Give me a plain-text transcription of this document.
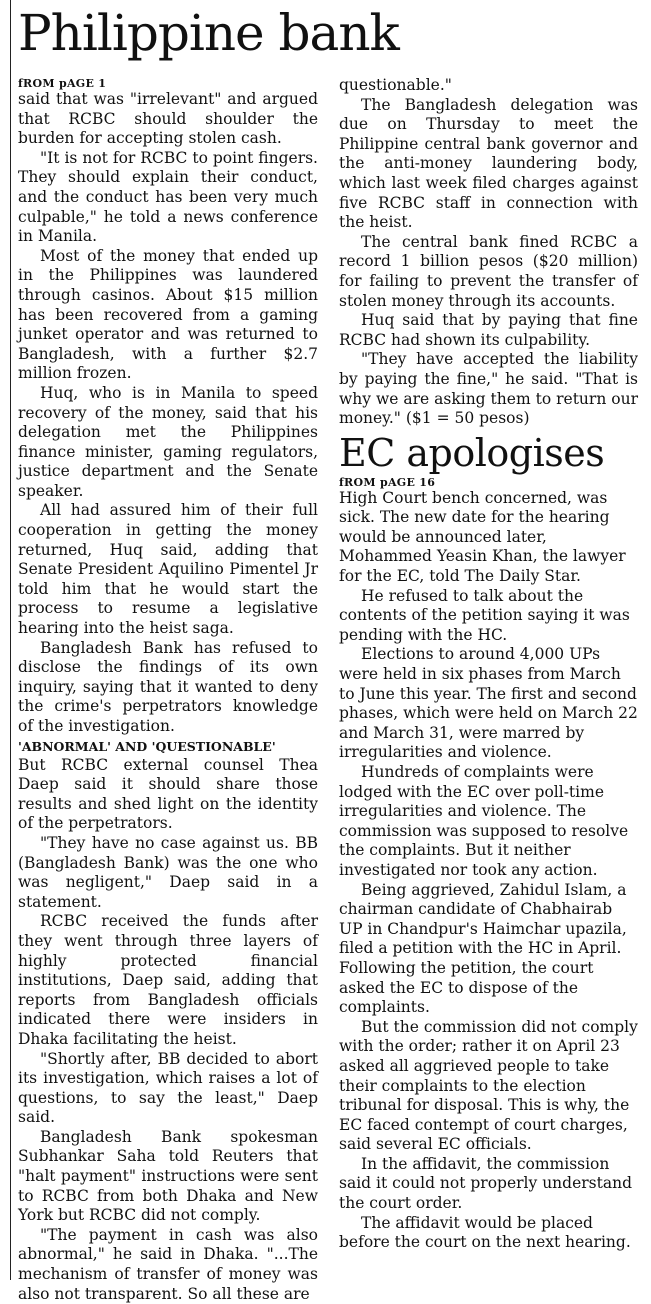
Philippine bank
fROM pAGE 1

said that was "irrelevant" and argued that RCBC should shoulder the burden for accepting stolen cash.

"It is not for RCBC to point fingers. They should explain their conduct, and the conduct has been very much culpable," he told a news conference in Manila.

Most of the money that ended up in the Philippines was laundered through casinos. About $15 million has been recovered from a gaming junket operator and was returned to Bangladesh, with a further $2.7 million frozen.

Huq, who is in Manila to speed recovery of the money, said that his delegation met the Philippines finance minister, gaming regulators, justice department and the Senate speaker.

All had assured him of their full cooperation in getting the money returned, Huq said, adding that Senate President Aquilino Pimentel Jr told him that he would start the process to resume a legislative hearing into the heist saga.

Bangladesh Bank has refused to disclose the findings of its own inquiry, saying that it wanted to deny the crime's perpetrators knowledge of the investigation.

'ABNORMAL' AND 'QUESTIONABLE'

But RCBC external counsel Thea Daep said it should share those results and shed light on the identity of the perpetrators.

"They have no case against us. BB (Bangladesh Bank) was the one who was negligent," Daep said in a statement.

RCBC received the funds after they went through three layers of highly protected financial institutions, Daep said, adding that reports from Bangladesh officials indicated there were insiders in Dhaka facilitating the heist.

"Shortly after, BB decided to abort its investigation, which raises a lot of questions, to say the least," Daep said.

Bangladesh Bank spokesman Subhankar Saha told Reuters that "halt payment" instructions were sent to RCBC from both Dhaka and New York but RCBC did not comply.

"The payment in cash was also abnormal," he said in Dhaka. "...The mechanism of transfer of money was also not transparent. So all these are

questionable."

The Bangladesh delegation was due on Thursday to meet the Philippine central bank governor and the anti-money laundering body, which last week filed charges against five RCBC staff in connection with the heist.

The central bank fined RCBC a record 1 billion pesos ($20 million) for failing to prevent the transfer of stolen money through its accounts.

Huq said that by paying that fine RCBC had shown its culpability.

"They have accepted the liability by paying the fine," he said. "That is why we are asking them to return our money." ($1 = 50 pesos)

EC apologises
fROM pAGE 16

High Court bench concerned, was sick. The new date for the hearing would be announced later, Mohammed Yeasin Khan, the lawyer for the EC, told The Daily Star.

He refused to talk about the contents of the petition saying it was pending with the HC.

Elections to around 4,000 UPs were held in six phases from March to June this year. The first and second phases, which were held on March 22 and March 31, were marred by irregularities and violence.

Hundreds of complaints were lodged with the EC over poll-time irregularities and violence. The commission was supposed to resolve the complaints. But it neither investigated nor took any action.

Being aggrieved, Zahidul Islam, a chairman candidate of Chabhairab UP in Chandpur's Haimchar upazila, filed a petition with the HC in April. Following the petition, the court asked the EC to dispose of the complaints.

But the commission did not comply with the order; rather it on April 23 asked all aggrieved people to take their complaints to the election tribunal for disposal. This is why, the EC faced contempt of court charges, said several EC officials.

In the affidavit, the commission said it could not properly understand the court order.

The affidavit would be placed before the court on the next hearing.
